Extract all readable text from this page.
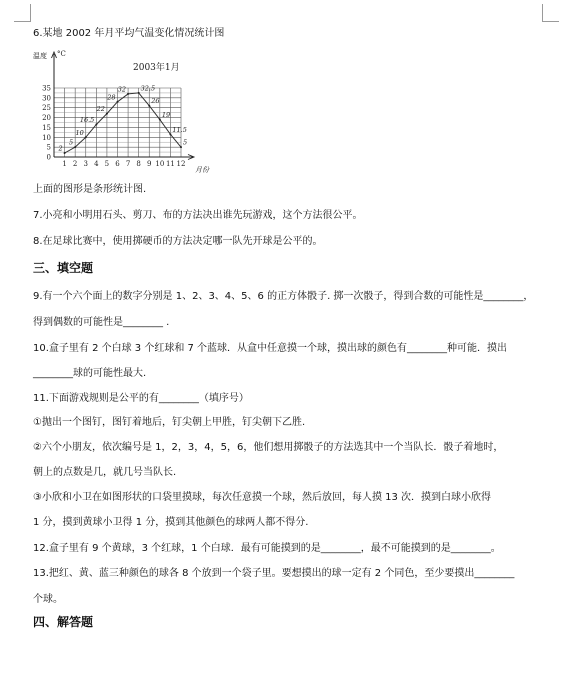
6.某地 2002 年月平均气温变化情况统计图
0
5
10
15
20
25
30
35
1 2 3 4 5 6 7 8 9 10 11 12
2
5
10
16.5
22
28
32 32.5
26
19
11.5
5
2003年1月
温度 °C
月份
上面的图形是条形统计图.
7.小亮和小明用石头、剪刀、布的方法决出谁先玩游戏，这个方法很公平。
8.在足球比赛中，使用掷硬币的方法决定哪一队先开球是公平的。
三、填空题
9.有一个六个面上的数字分别是 1、2、3、4、5、6 的正方体骰子. 掷一次骰子，得到合数的可能性是________，
得到偶数的可能性是________ .
10.盒子里有 2 个白球 3 个红球和 7 个蓝球．从盒中任意摸一个球，摸出球的颜色有________种可能．摸出
________球的可能性最大.
11.下面游戏规则是公平的有________（填序号）
①抛出一个图钉，图钉着地后，钉尖朝上甲胜，钉尖朝下乙胜.
②六个小朋友，依次编号是 1，2，3，4，5，6，他们想用掷骰子的方法选其中一个当队长．骰子着地时，
朝上的点数是几，就几号当队长.
③小欣和小卫在如图形状的口袋里摸球，每次任意摸一个球，然后放回，每人摸 13 次．摸到白球小欣得
1 分，摸到黄球小卫得 1 分，摸到其他颜色的球两人都不得分.
12.盒子里有 9 个黄球，3 个红球，1 个白球．最有可能摸到的是________，最不可能摸到的是________。
13.把红、黄、蓝三种颜色的球各 8 个放到一个袋子里。要想摸出的球一定有 2 个同色，至少要摸出________
个球。
四、解答题
